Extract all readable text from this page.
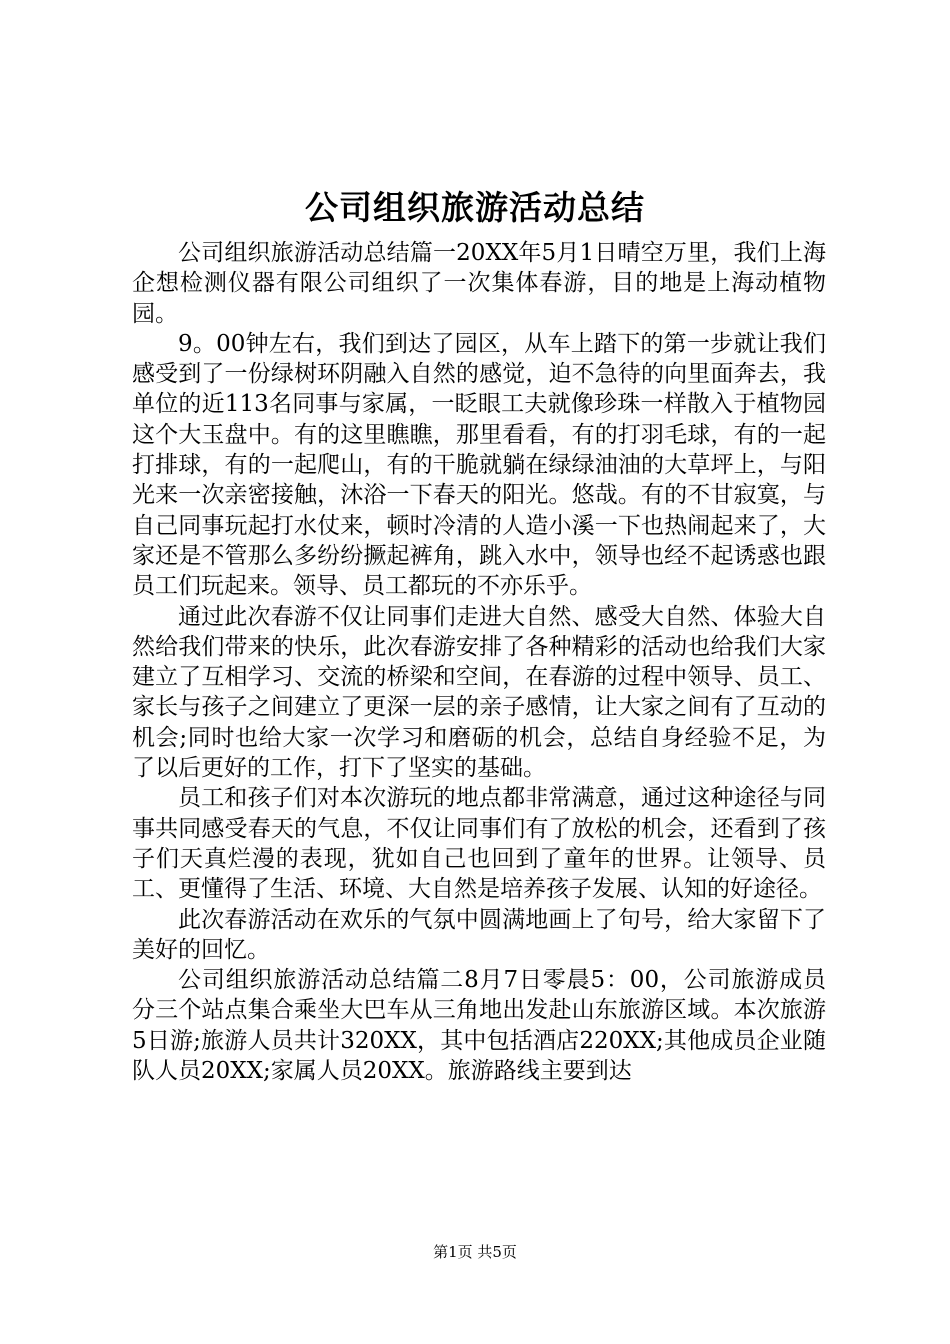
公司组织旅游活动总结

公司组织旅游活动总结篇一20XX年5月1日晴空万里，我们上海企想检测仪器有限公司组织了一次集体春游，目的地是上海动植物园。

9。00钟左右，我们到达了园区，从车上踏下的第一步就让我们感受到了一份绿树环阴融入自然的感觉，迫不急待的向里面奔去，我单位的近113名同事与家属，一眨眼工夫就像珍珠一样散入于植物园这个大玉盘中。有的这里瞧瞧，那里看看，有的打羽毛球，有的一起打排球，有的一起爬山，有的干脆就躺在绿绿油油的大草坪上，与阳光来一次亲密接触，沐浴一下春天的阳光。悠哉。有的不甘寂寞，与自己同事玩起打水仗来，顿时冷清的人造小溪一下也热闹起来了，大家还是不管那么多纷纷撅起裤角，跳入水中，领导也经不起诱惑也跟员工们玩起来。领导、员工都玩的不亦乐乎。

通过此次春游不仅让同事们走进大自然、感受大自然、体验大自然给我们带来的快乐，此次春游安排了各种精彩的活动也给我们大家建立了互相学习、交流的桥梁和空间，在春游的过程中领导、员工、家长与孩子之间建立了更深一层的亲子感情，让大家之间有了互动的机会;同时也给大家一次学习和磨砺的机会，总结自身经验不足，为了以后更好的工作，打下了坚实的基础。

员工和孩子们对本次游玩的地点都非常满意，通过这种途径与同事共同感受春天的气息，不仅让同事们有了放松的机会，还看到了孩子们天真烂漫的表现，犹如自己也回到了童年的世界。让领导、员工、更懂得了生活、环境、大自然是培养孩子发展、认知的好途径。

此次春游活动在欢乐的气氛中圆满地画上了句号，给大家留下了美好的回忆。

公司组织旅游活动总结篇二8月7日零晨5：00，公司旅游成员分三个站点集合乘坐大巴车从三角地出发赴山东旅游区域。本次旅游5日游;旅游人员共计320XX，其中包括酒店220XX;其他成员企业随队人员20XX;家属人员20XX。旅游路线主要到达

第1页 共5页
